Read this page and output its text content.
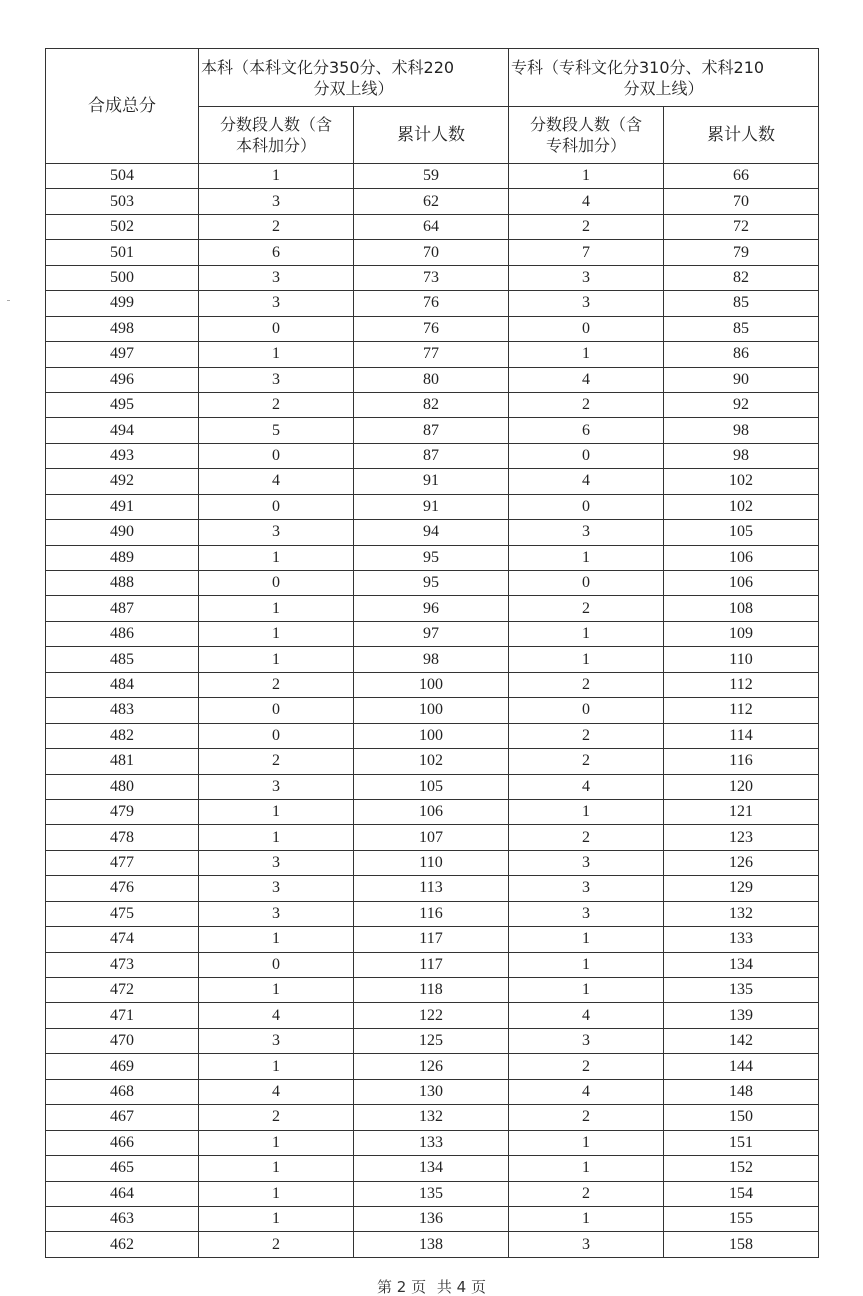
合成总分	本科（本科文化分350分、术科220
分双上线）		专科（专科文化分310分、术科210
分双上线）	

	分数段人数（含
本科加分）	累计人数	分数段人数（含
专科加分）	累计人数
504	1	59	1	66
503	3	62	4	70
502	2	64	2	72
501	6	70	7	79
500	3	73	3	82
499	3	76	3	85
498	0	76	0	85
497	1	77	1	86
496	3	80	4	90
495	2	82	2	92
494	5	87	6	98
493	0	87	0	98
492	4	91	4	102
491	0	91	0	102
490	3	94	3	105
489	1	95	1	106
488	0	95	0	106
487	1	96	2	108
486	1	97	1	109
485	1	98	1	110
484	2	100	2	112
483	0	100	0	112
482	0	100	2	114
481	2	102	2	116
480	3	105	4	120
479	1	106	1	121
478	1	107	2	123
477	3	110	3	126
476	3	113	3	129
475	3	116	3	132
474	1	117	1	133
473	0	117	1	134
472	1	118	1	135
471	4	122	4	139
470	3	125	3	142
469	1	126	2	144
468	4	130	4	148
467	2	132	2	150
466	1	133	1	151
465	1	134	1	152
464	1	135	2	154
463	1	136	1	155
462	2	138	3	158
第 2 页 共 4 页
